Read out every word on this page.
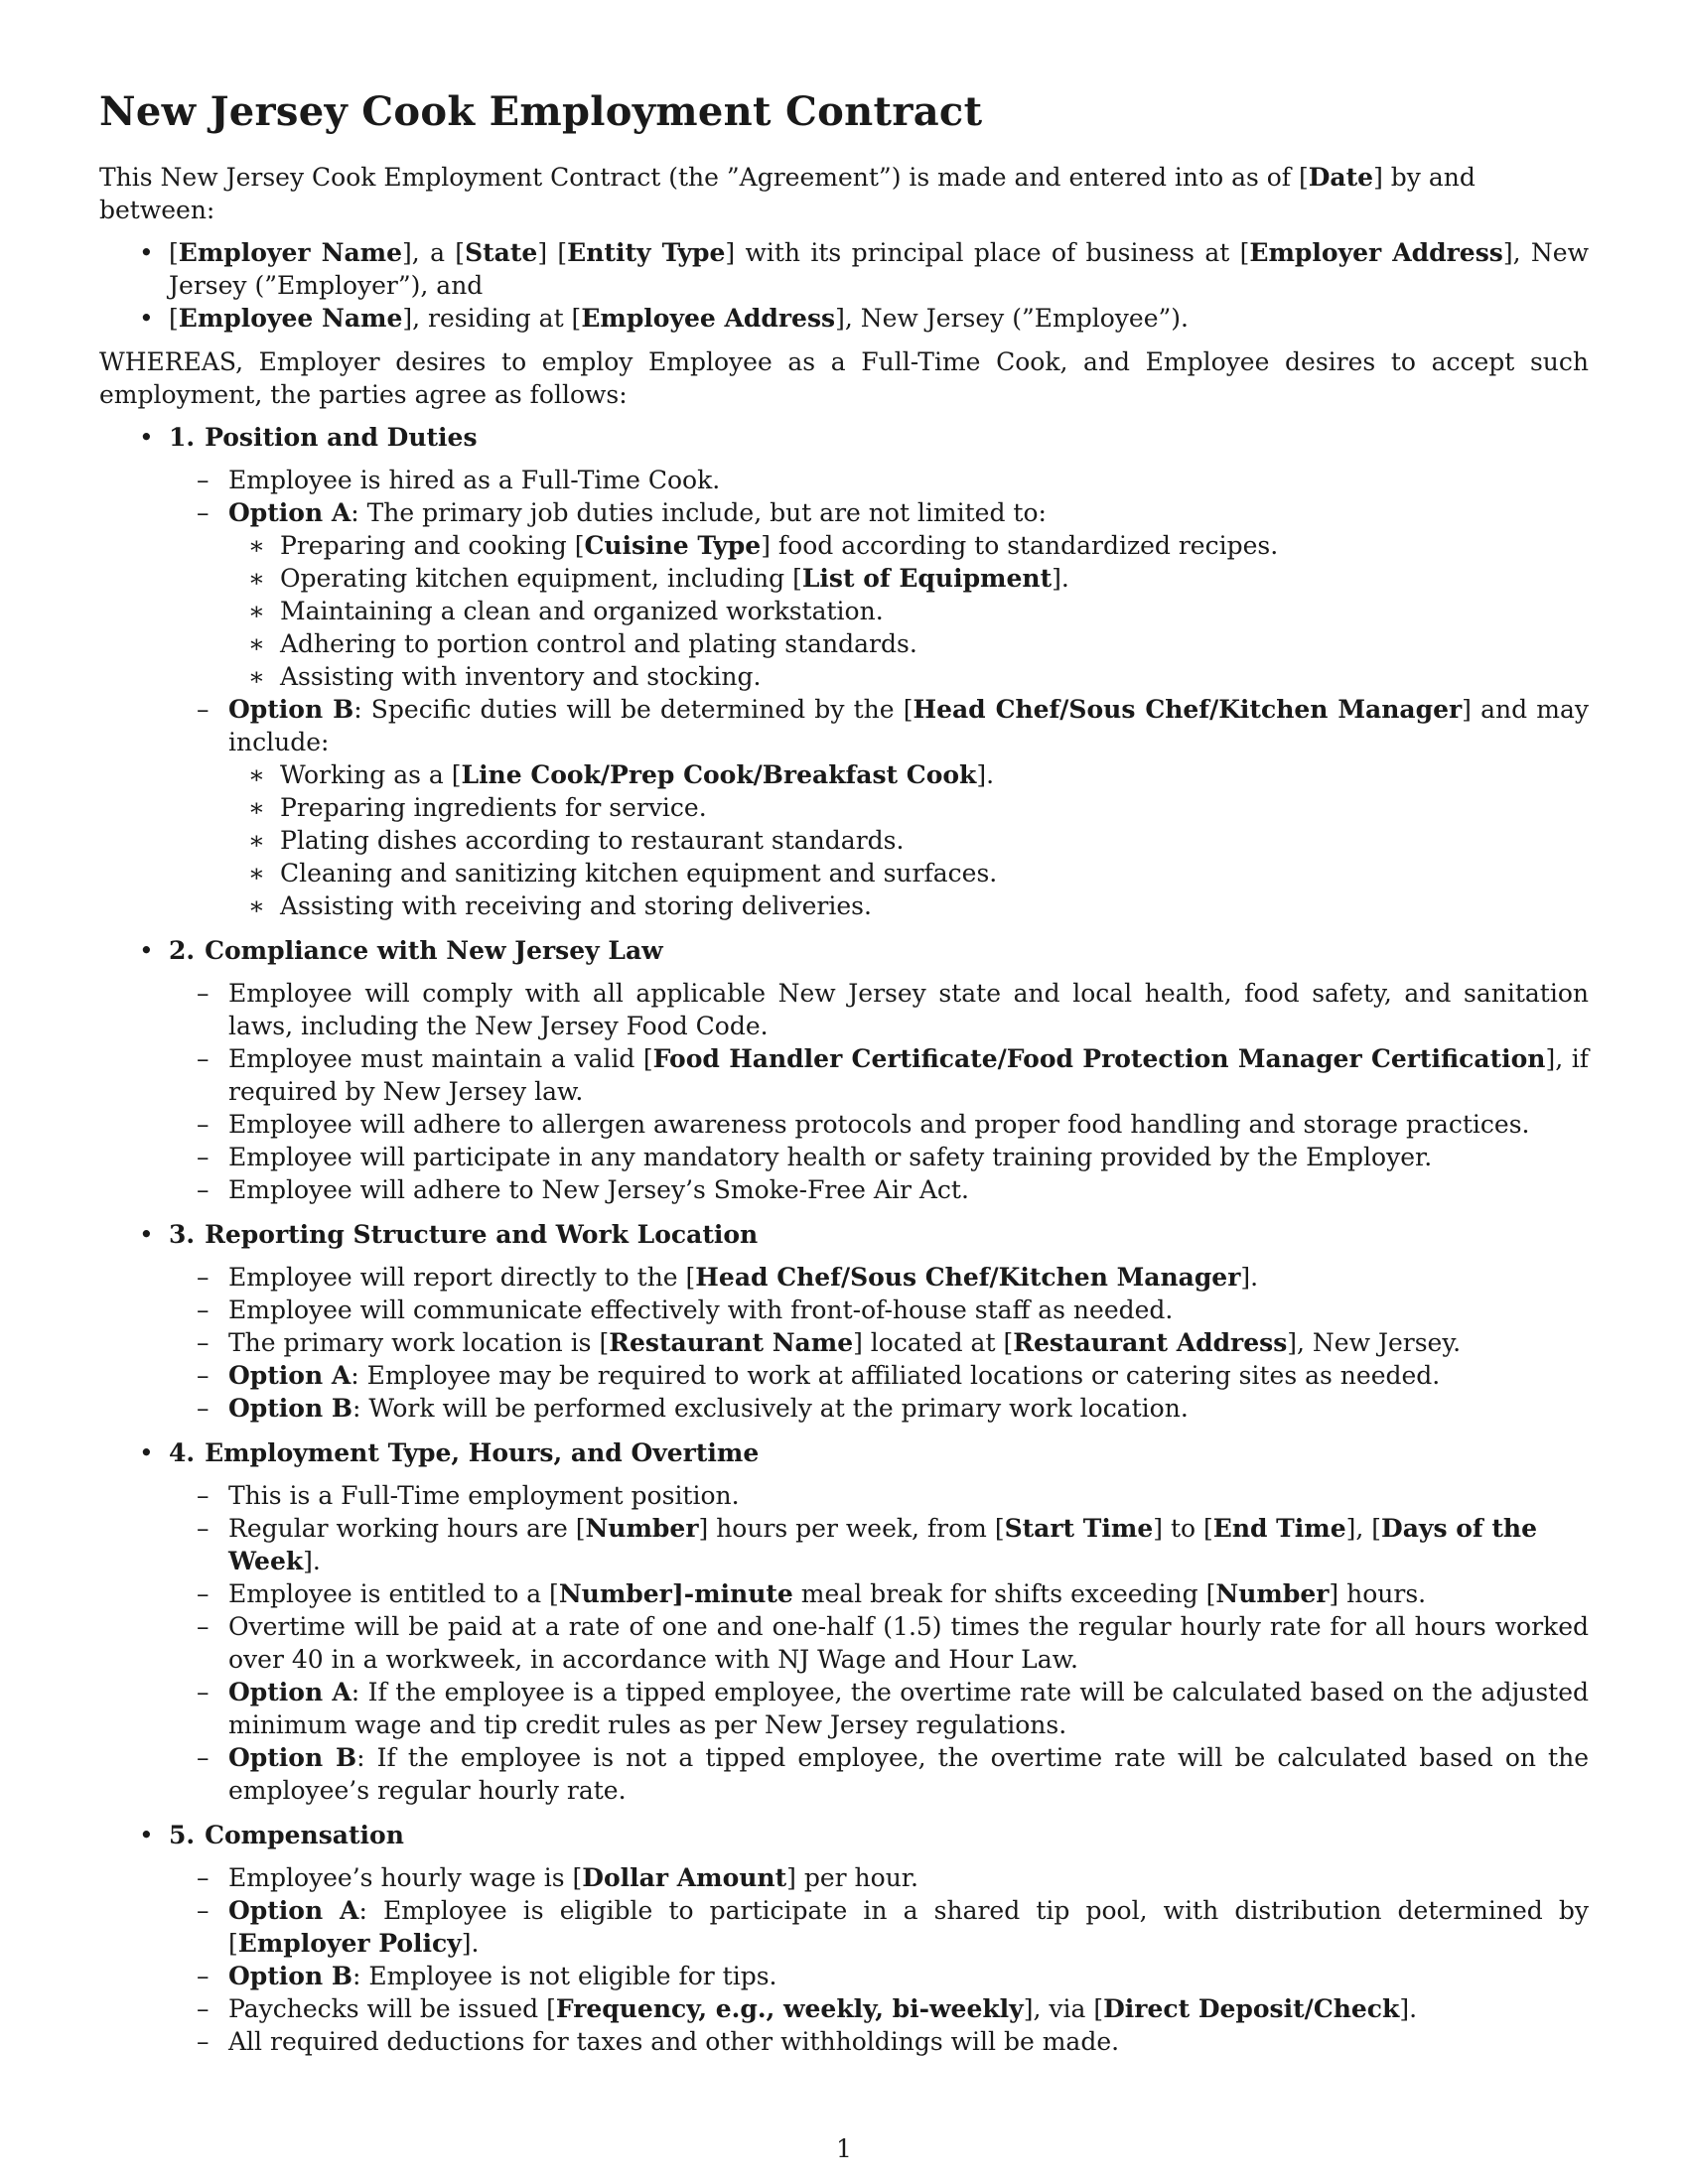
New Jersey Cook Employment Contract

This New Jersey Cook Employment Contract (the ”Agreement”) is made and entered into as of [Date] by and between:

• [Employer Name], a [State] [Entity Type] with its principal place of business at [Employer Address], New Jersey (”Employer”), and
• [Employee Name], residing at [Employee Address], New Jersey (”Employee”).

WHEREAS, Employer desires to employ Employee as a Full-Time Cook, and Employee desires to accept such employment, the parties agree as follows:

• 1. Position and Duties
– Employee is hired as a Full-Time Cook.
– Option A: The primary job duties include, but are not limited to:
∗ Preparing and cooking [Cuisine Type] food according to standardized recipes.
∗ Operating kitchen equipment, including [List of Equipment].
∗ Maintaining a clean and organized workstation.
∗ Adhering to portion control and plating standards.
∗ Assisting with inventory and stocking.
– Option B: Specific duties will be determined by the [Head Chef/Sous Chef/Kitchen Manager] and may include:
∗ Working as a [Line Cook/Prep Cook/Breakfast Cook].
∗ Preparing ingredients for service.
∗ Plating dishes according to restaurant standards.
∗ Cleaning and sanitizing kitchen equipment and surfaces.
∗ Assisting with receiving and storing deliveries.
• 2. Compliance with New Jersey Law
– Employee will comply with all applicable New Jersey state and local health, food safety, and sanitation laws, including the New Jersey Food Code.
– Employee must maintain a valid [Food Handler Certificate/Food Protection Manager Certification], if required by New Jersey law.
– Employee will adhere to allergen awareness protocols and proper food handling and storage practices.
– Employee will participate in any mandatory health or safety training provided by the Employer.
– Employee will adhere to New Jersey’s Smoke-Free Air Act.
• 3. Reporting Structure and Work Location
– Employee will report directly to the [Head Chef/Sous Chef/Kitchen Manager].
– Employee will communicate effectively with front-of-house staff as needed.
– The primary work location is [Restaurant Name] located at [Restaurant Address], New Jersey.
– Option A: Employee may be required to work at affiliated locations or catering sites as needed.
– Option B: Work will be performed exclusively at the primary work location.
• 4. Employment Type, Hours, and Overtime
– This is a Full-Time employment position.
– Regular working hours are [Number] hours per week, from [Start Time] to [End Time], [Days of the Week].
– Employee is entitled to a [Number]-minute meal break for shifts exceeding [Number] hours.
– Overtime will be paid at a rate of one and one-half (1.5) times the regular hourly rate for all hours worked over 40 in a workweek, in accordance with NJ Wage and Hour Law.
– Option A: If the employee is a tipped employee, the overtime rate will be calculated based on the adjusted minimum wage and tip credit rules as per New Jersey regulations.
– Option B: If the employee is not a tipped employee, the overtime rate will be calculated based on the employee’s regular hourly rate.
• 5. Compensation
– Employee’s hourly wage is [Dollar Amount] per hour.
– Option A: Employee is eligible to participate in a shared tip pool, with distribution determined by [Employer Policy].
– Option B: Employee is not eligible for tips.
– Paychecks will be issued [Frequency, e.g., weekly, bi-weekly], via [Direct Deposit/Check].
– All required deductions for taxes and other withholdings will be made.
1
